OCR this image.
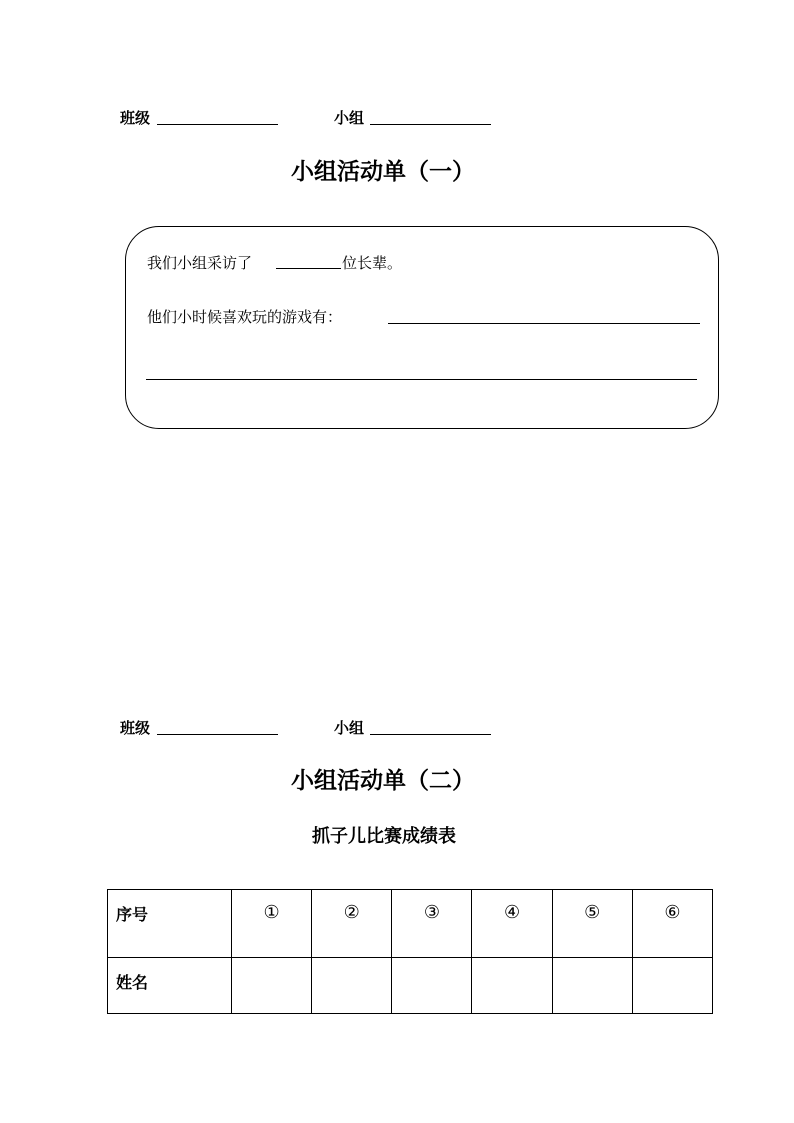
班级	小组
小组活动单（一）
我们小组采访了	位长辈。
他们小时候喜欢玩的游戏有：
班级	小组
小组活动单（二）
抓子儿比赛成绩表
序号	①	②	③	④	⑤	⑥
姓名						
